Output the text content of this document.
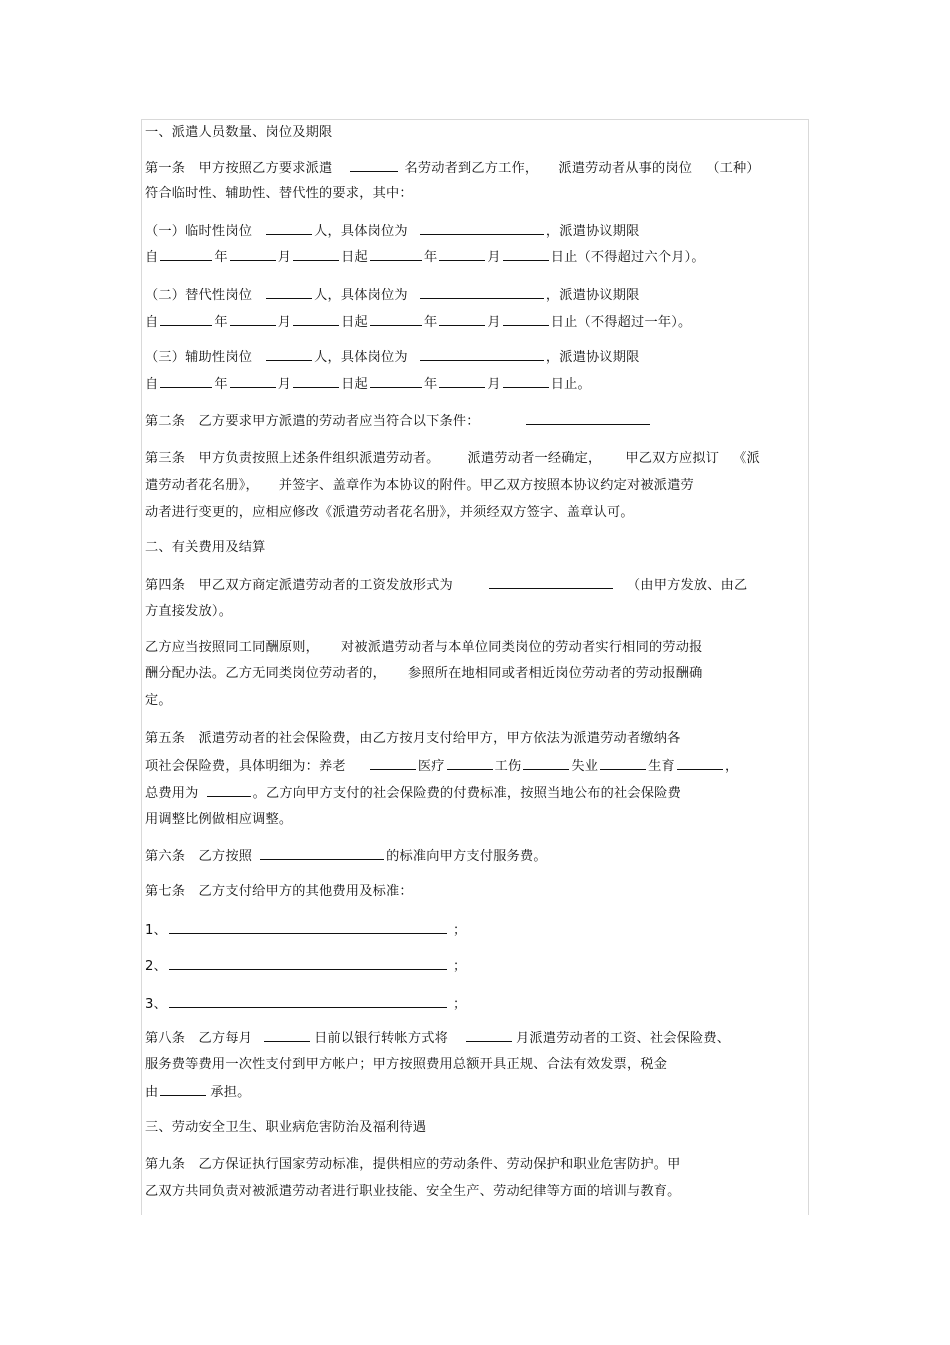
一、派遣人员数量、岗位及期限
第一条　甲方按照乙方要求派遣	名劳动者到乙方工作， 派遣劳动者从事的岗位 （工种）
符合临时性、辅助性、替代性的要求，其中：
（一）临时性岗位	人，具体岗位为	，派遣协议期限
自	年	月	日起	年	月	日止（不得超过六个月）。
（二）替代性岗位	人，具体岗位为	，派遣协议期限
自	年	月	日起	年	月	日止（不得超过一年）。
（三）辅助性岗位	人，具体岗位为	，派遣协议期限
自	年	月	日起	年	月	日止。
第二条　乙方要求甲方派遣的劳动者应当符合以下条件：
第三条　甲方负责按照上述条件组织派遣劳动者。 派遣劳动者一经确定， 甲乙双方应拟订 《派
遣劳动者花名册》， 并签字、盖章作为本协议的附件。甲乙双方按照本协议约定对被派遣劳
动者进行变更的，应相应修改《派遣劳动者花名册》，并须经双方签字、盖章认可。
二、有关费用及结算
第四条　甲乙双方商定派遣劳动者的工资发放形式为	（由甲方发放、由乙
方直接发放）。
乙方应当按照同工同酬原则， 对被派遣劳动者与本单位同类岗位的劳动者实行相同的劳动报
酬分配办法。乙方无同类岗位劳动者的， 参照所在地相同或者相近岗位劳动者的劳动报酬确
定。
第五条　派遣劳动者的社会保险费，由乙方按月支付给甲方，甲方依法为派遣劳动者缴纳各
项社会保险费，具体明细为：养老	医疗	工伤	失业	生育	，
总费用为	。乙方向甲方支付的社会保险费的付费标准，按照当地公布的社会保险费
用调整比例做相应调整。
第六条　乙方按照	的标准向甲方支付服务费。
第七条　乙方支付给甲方的其他费用及标准：
1、	；
2、	；
3、	；
第八条　乙方每月	日前以银行转帐方式将	月派遣劳动者的工资、社会保险费、
服务费等费用一次性支付到甲方帐户；甲方按照费用总额开具正规、合法有效发票，税金
由	承担。
三、劳动安全卫生、职业病危害防治及福利待遇
第九条　乙方保证执行国家劳动标准，提供相应的劳动条件、劳动保护和职业危害防护。甲
乙双方共同负责对被派遣劳动者进行职业技能、安全生产、劳动纪律等方面的培训与教育。
